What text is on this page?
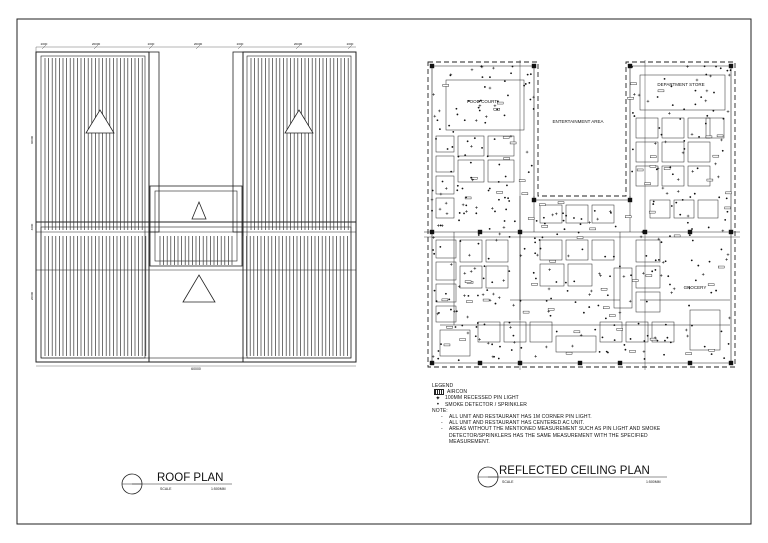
2000	20000	2000	20000	2000	20000	2000
60000
40000
4000
20000
ROOF PLAN
SCALE	1:500MM
DEPARTMENT STORE
FOOD COURT
ENTERTAINMENT AREA
GROCERY
REFLECTED CEILING PLAN
SCALE	1:500MM
LEGEND
AIRCON
✦ 100MM RECESSED PIN LIGHT
•	SMOKE DETECTOR / SPRINKLER
NOTE:
- ALL UNIT AND RESTAURANT HAS 1M CORNER PIN LIGHT.
- ALL UNIT AND RESTAURANT HAS CENTERED AC UNIT.
- AREAS WITHOUT THE MENTIONED MEASUREMENT SUCH AS PIN LIGHT AND SMOKE DETECTOR/SPRINKLERS HAS THE SAME MEASUREMENT WITH THE SPECIFIED MEASUREMENT.
